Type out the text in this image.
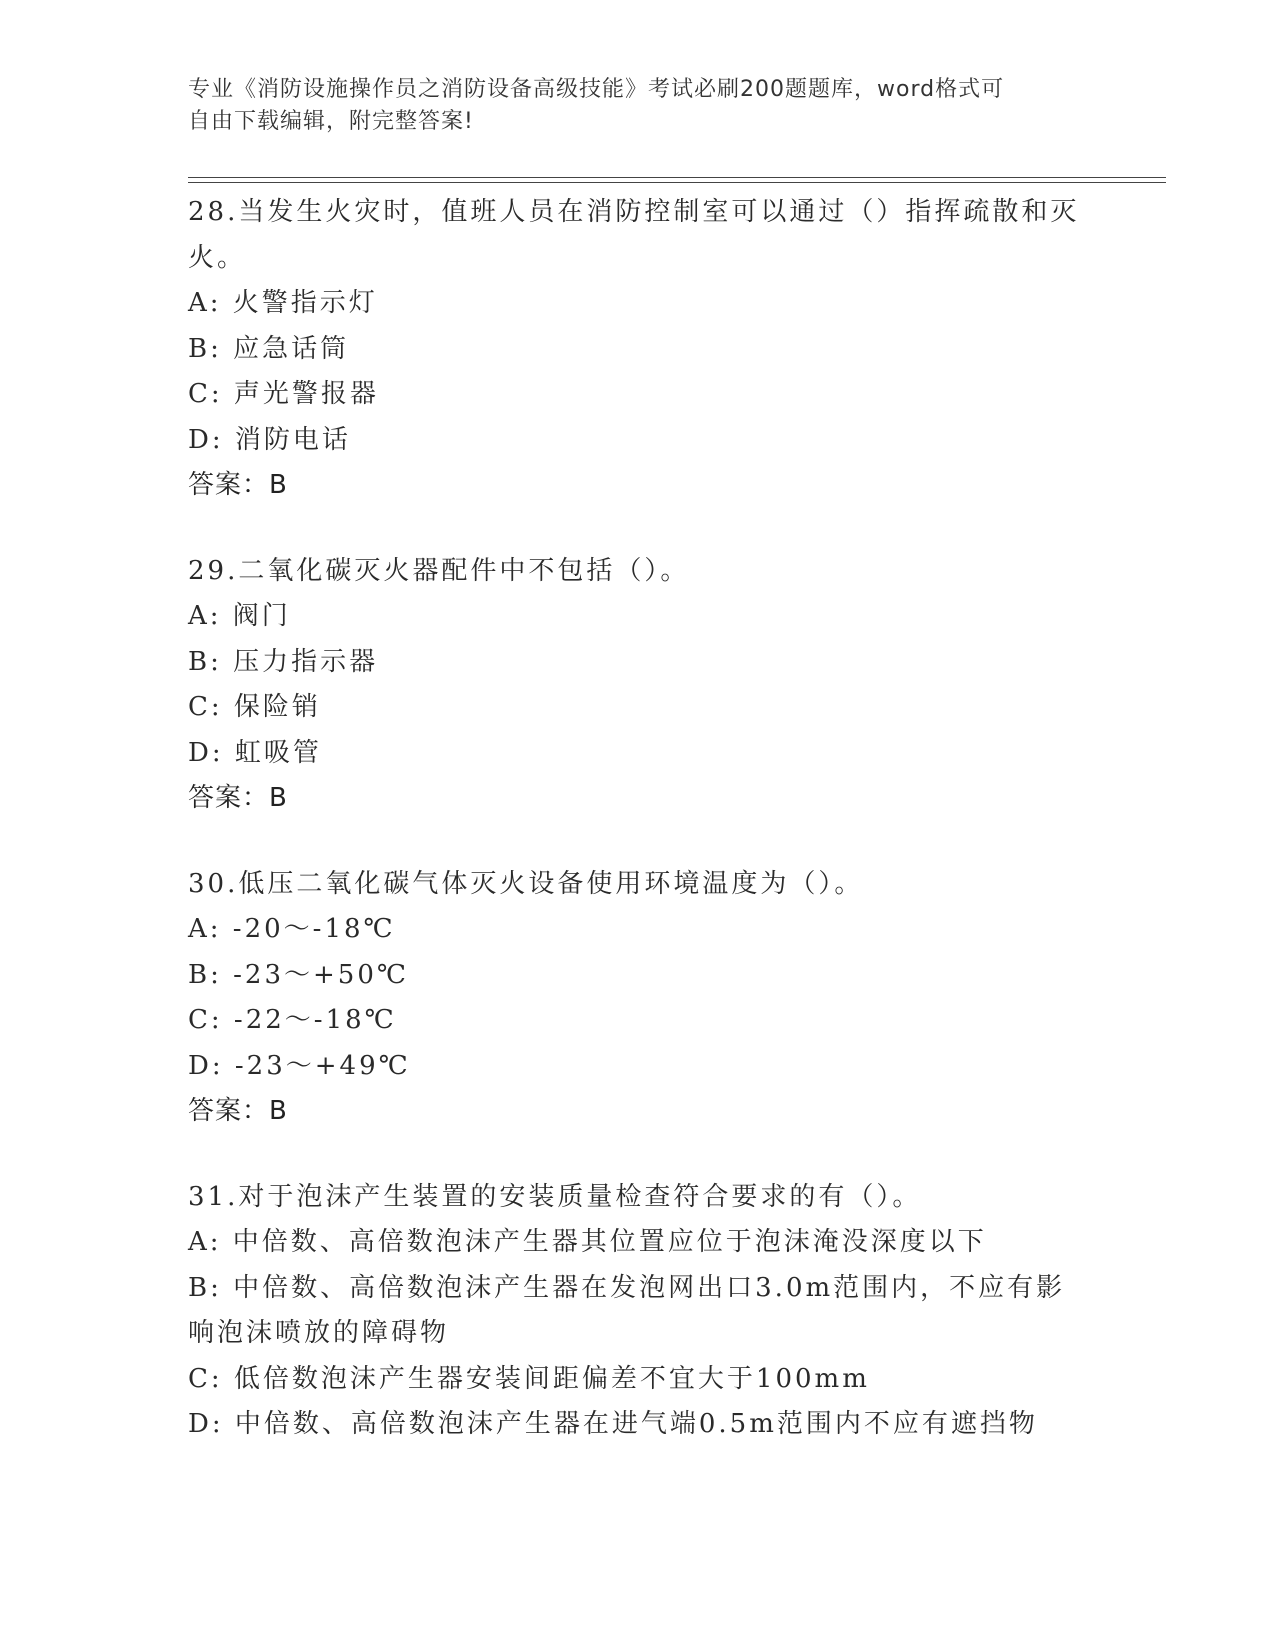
专业《消防设施操作员之消防设备高级技能》考试必刷200题题库，word格式可
自由下载编辑，附完整答案!
28.当发生火灾时，值班人员在消防控制室可以通过（）指挥疏散和灭火。
A: 火警指示灯
B: 应急话筒
C: 声光警报器
D: 消防电话
答案：B
29.二氧化碳灭火器配件中不包括（）。
A: 阀门
B: 压力指示器
C: 保险销
D: 虹吸管
答案：B
30.低压二氧化碳气体灭火设备使用环境温度为（）。
A: -20～-18℃
B: -23～+50℃
C: -22～-18℃
D: -23～+49℃
答案：B
31.对于泡沫产生装置的安装质量检查符合要求的有（）。
A: 中倍数、高倍数泡沫产生器其位置应位于泡沫淹没深度以下
B: 中倍数、高倍数泡沫产生器在发泡网出口3.0m范围内，不应有影响泡沫喷放的障碍物
C: 低倍数泡沫产生器安装间距偏差不宜大于100mm
D: 中倍数、高倍数泡沫产生器在进气端0.5m范围内不应有遮挡物
